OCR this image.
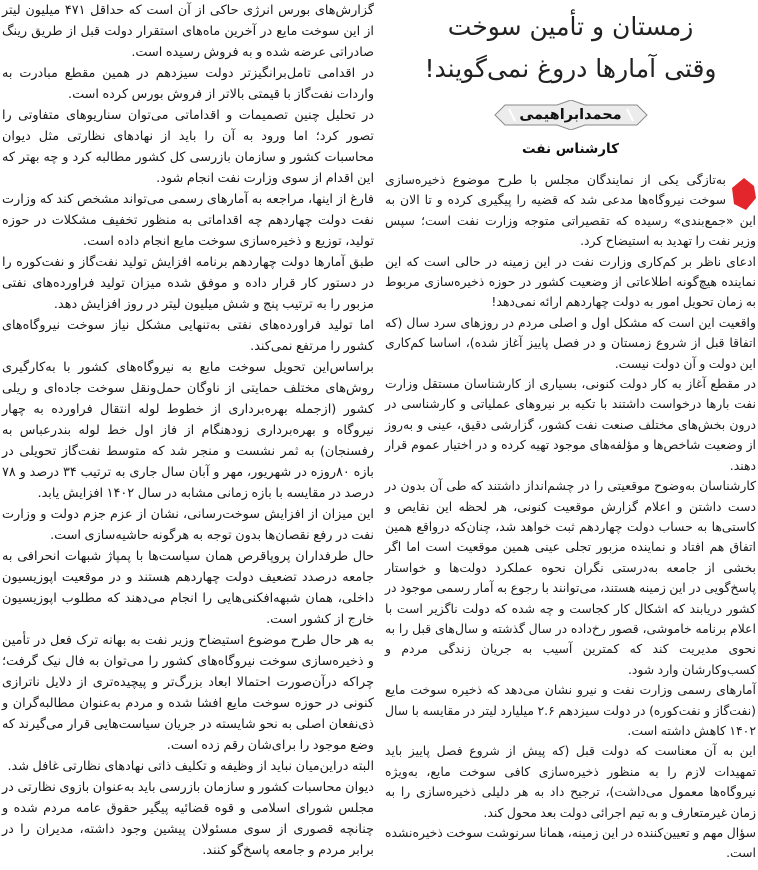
زمستان و تأمین سوخت
وقتی آمارها دروغ نمی‌گویند!
محمدابراهیمی
کارشناس نفت

به‌تازگی یکی از نمایندگان مجلس با طرح موضوع ذخیره‌سازی سوخت نیروگاه‌ها مدعی شد که قضیه را پیگیری کرده و تا الان به این «جمع‌بندی» رسیده که تقصیراتی متوجه وزارت نفت است؛ سپس وزیر نفت را تهدید به استیضاح کرد.

ادعای ناظر بر کم‌کاری وزارت نفت در این زمینه در حالی است که این نماینده هیچ‌گونه اطلاعاتی از وضعیت کشور در حوزه ذخیره‌سازی مربوط به زمان تحویل امور به دولت چهاردهم ارائه نمی‌دهد!

واقعیت این است که مشکل اول و اصلی مردم در روزهای سرد سال (که اتفاقا قبل از شروع زمستان و در فصل پاییز آغاز شده)، اساسا کم‌کاری این دولت و آن دولت نیست.

در مقطع آغاز به کار دولت کنونی، بسیاری از کارشناسان مستقل وزارت نفت بارها درخواست داشتند با تکیه بر نیروهای عملیاتی و کارشناسی در درون بخش‌های مختلف صنعت نفت کشور، گزارشی دقیق، عینی و به‌روز از وضعیت شاخص‌ها و مؤلفه‌های موجود تهیه کرده و در اختیار عموم قرار دهند.

کارشناسان به‌وضوح موقعیتی را در چشم‌انداز داشتند که طی آن بدون در دست داشتن و اعلام گزارش موقعیت کنونی، هر لحظه این نقایص و کاستی‌ها به حساب دولت چهاردهم ثبت خواهد شد، چنان‌که درواقع همین اتفاق هم افتاد و نماینده مزبور تجلی عینی همین موقعیت است اما اگر بخشی از جامعه به‌درستی نگران نحوه عملکرد دولت‌ها و خواستار پاسخ‌گویی در این زمینه هستند، می‌توانند با رجوع به آمار رسمی موجود در کشور دریابند که اشکال کار کجاست و چه شده که دولت ناگزیر است با اعلام برنامه خاموشی، قصور رخ‌داده در سال گذشته و سال‌های قبل را به نحوی مدیریت کند که کمترین آسیب به جریان زندگی مردم و کسب‌وکارشان وارد شود.

آمارهای رسمی وزارت نفت و نیرو نشان می‌دهد که ذخیره سوخت مایع (نفت‌گاز و نفت‌کوره) در دولت سیزدهم ۲.۶ میلیارد لیتر در مقایسه با سال ۱۴۰۲ کاهش داشته است.

این به آن معناست که دولت قبل (که پیش از شروع فصل پاییز باید تمهیدات لازم را به منظور ذخیره‌سازی کافی سوخت مایع، به‌ویژه نیروگاه‌ها معمول می‌داشت)، ترجیح داد به هر دلیلی ذخیره‌سازی را به زمان غیرمتعارف و به تیم اجرائی دولت بعد محول کند.

سؤال مهم و تعیین‌کننده در این زمینه، همانا سرنوشت سوخت ذخیره‌نشده است.

گزارش‌های بورس انرژی حاکی از آن است که حداقل ۴۷۱ میلیون لیتر از این سوخت مایع در آخرین ماه‌های استقرار دولت قبل از طریق رینگ صادراتی عرضه شده و به فروش رسیده است.

در اقدامی تامل‌برانگیزتر دولت سیزدهم در همین مقطع مبادرت به واردات نفت‌گاز با قیمتی بالاتر از فروش بورس کرده است.

در تحلیل چنین تصمیمات و اقداماتی می‌توان سناریوهای متفاوتی را تصور کرد؛ اما ورود به آن را باید از نهادهای نظارتی مثل دیوان محاسبات کشور و سازمان بازرسی کل کشور مطالبه کرد و چه بهتر که این اقدام از سوی وزارت نفت انجام شود.

فارغ از اینها، مراجعه به آمارهای رسمی می‌تواند مشخص کند که وزارت نفت دولت چهاردهم چه اقداماتی به منظور تخفیف مشکلات در حوزه تولید، توزیع و ذخیره‌سازی سوخت مایع انجام داده است.

طبق آمارها دولت چهاردهم برنامه افزایش تولید نفت‌گاز و نفت‌کوره را در دستور کار قرار داده و موفق شده میزان تولید فراورده‌های نفتی مزبور را به ترتیب پنج و شش میلیون لیتر در روز افزایش دهد.

اما تولید فراورده‌های نفتی به‌تنهایی مشکل نیاز سوخت نیروگاه‌های کشور را مرتفع نمی‌کند.

براساس‌این تحویل سوخت مایع به نیروگاه‌های کشور با به‌کارگیری روش‌های مختلف حمایتی از ناوگان حمل‌ونقل سوخت جاده‌ای و ریلی کشور (ازجمله بهره‌برداری از خطوط لوله انتقال فراورده به چهار نیروگاه و بهره‌برداری زودهنگام از فاز اول خط لوله بندرعباس به رفسنجان) به ثمر نشست و منجر شد که متوسط نفت‌گاز تحویلی در بازه ۸۰روزه در شهریور، مهر و آبان سال جاری به ترتیب ۳۴ درصد و ۷۸ درصد در مقایسه با بازه زمانی مشابه در سال ۱۴۰۲ افزایش یابد.

این میزان از افزایش سوخت‌رسانی، نشان از عزم جزم دولت و وزارت نفت در رفع نقصان‌ها بدون توجه به هرگونه حاشیه‌سازی است.

حال طرفداران پروپاقرص همان سیاست‌ها با پمپاژ شبهات انحرافی به جامعه درصدد تضعیف دولت چهاردهم هستند و در موقعیت اپوزیسیون داخلی، همان شبهه‌افکنی‌هایی را انجام می‌دهند که مطلوب اپوزیسیون خارج از کشور است.

به هر حال طرح موضوع استیضاح وزیر نفت به بهانه ترک فعل در تأمین و ذخیره‌سازی سوخت نیروگاه‌های کشور را می‌توان به فال نیک گرفت؛ چراکه درآن‌صورت احتمالا ابعاد بزرگ‌تر و پیچیده‌تری از دلایل ناترازی کنونی در حوزه سوخت مایع افشا شده و مردم به‌عنوان مطالبه‌گران و ذی‌نفعان اصلی به نحو شایسته در جریان سیاست‌هایی قرار می‌گیرند که وضع موجود را برای‌شان رقم زده است.

البته دراین‌میان نباید از وظیفه و تکلیف ذاتی نهادهای نظارتی غافل شد.

دیوان محاسبات کشور و سازمان بازرسی باید به‌عنوان بازوی نظارتی در مجلس شورای اسلامی و قوه قضائیه پیگیر حقوق عامه مردم شده و چنانچه قصوری از سوی مسئولان پیشین وجود داشته، مدیران را در برابر مردم و جامعه پاسخ‌گو کنند.
